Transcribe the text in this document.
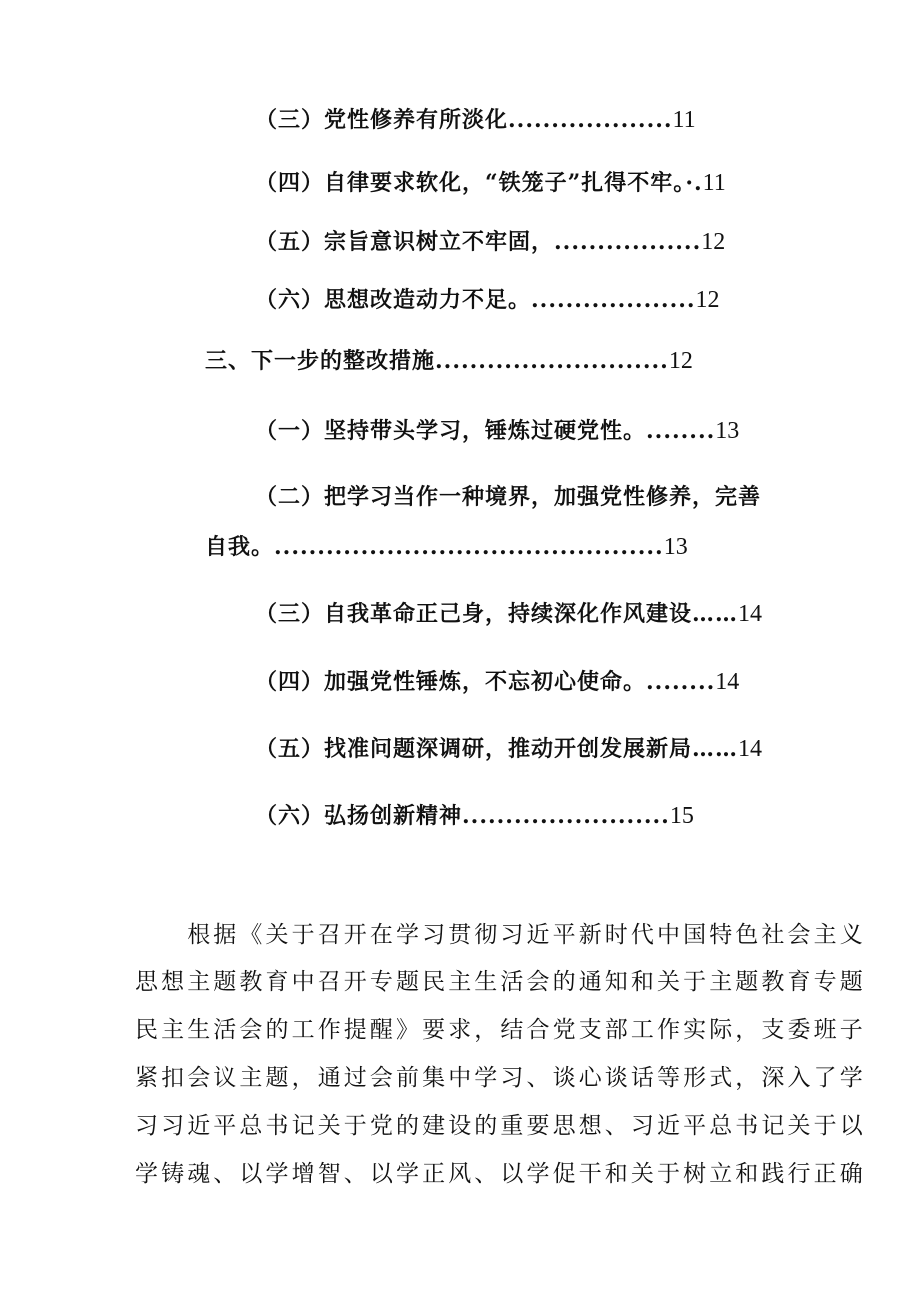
（三）党性修养有所淡化...................11
（四）自律要求软化，“铁笼子”扎得不牢。·.11
（五）宗旨意识树立不牢固，.................12
（六）思想改造动力不足。...................12
三、下一步的整改措施...........................12
（一）坚持带头学习，锤炼过硬党性。........13
（二）把学习当作一种境界，加强党性修养，完善
自我。.............................................13
（三）自我革命正己身，持续深化作风建设……14
（四）加强党性锤炼，不忘初心使命。........14
（五）找准问题深调研，推动开创发展新局……14
（六）弘扬创新精神........................15
　　根据《关于召开在学习贯彻习近平新时代中国特色社会主义
思想主题教育中召开专题民主生活会的通知和关于主题教育专题
民主生活会的工作提醒》要求，结合党支部工作实际，支委班子
紧扣会议主题，通过会前集中学习、谈心谈话等形式，深入了学
习习近平总书记关于党的建设的重要思想、习近平总书记关于以
学铸魂、以学增智、以学正风、以学促干和关于树立和践行正确
